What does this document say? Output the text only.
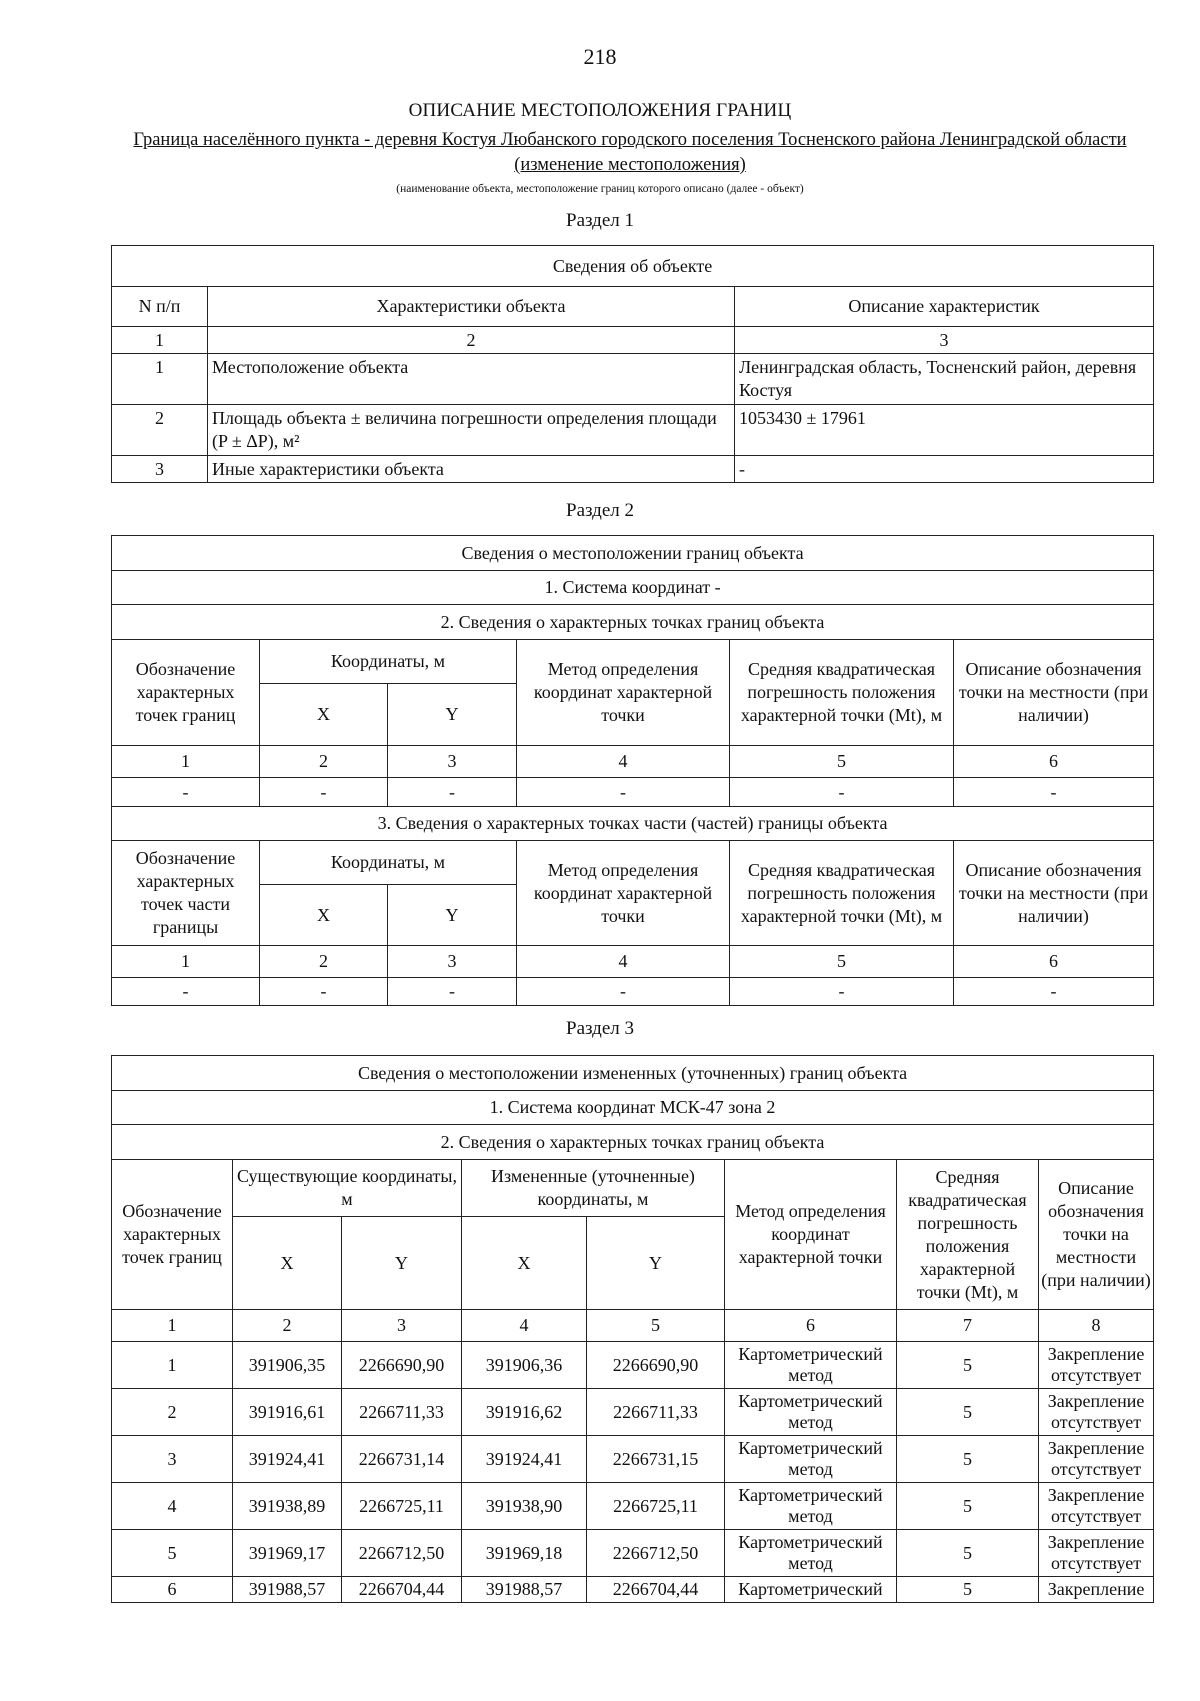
218
ОПИСАНИЕ МЕСТОПОЛОЖЕНИЯ ГРАНИЦ
Граница населённого пункта - деревня Костуя Любанского городского поселения Тосненского района Ленинградской области (изменение местоположения)
(наименование объекта, местоположение границ которого описано (далее - объект)
Раздел 1
Сведения об объекте		
N п/п	Характеристики объекта	Описание характеристик
1	2	3
1	Местоположение объекта	Ленинградская область, Тосненский район, деревня Костуя
2	Площадь объекта ± величина погрешности определения площади (P ± ΔP), м²	1053430 ± 17961
3	Иные характеристики объекта	-
Раздел 2
Сведения о местоположении границ объекта					
1. Система координат -					
2. Сведения о характерных точках границ объекта					
Обозначение характерных точек границ	Координаты, м		Метод определения координат характерной точки	Средняя квадратическая погрешность положения характерной точки (Mt), м	Описание обозначения точки на местности (при наличии)
	X	Y			
1	2	3	4	5	6
-	-	-	-	-	-
3. Сведения о характерных точках части (частей) границы объекта					
Обозначение характерных точек части границы	Координаты, м		Метод определения координат характерной точки	Средняя квадратическая погрешность положения характерной точки (Mt), м	Описание обозначения точки на местности (при наличии)
	X	Y			
1	2	3	4	5	6
-	-	-	-	-	-
Раздел 3
Сведения о местоположении измененных (уточненных) границ объекта							
1. Система координат МСК-47 зона 2							
2. Сведения о характерных точках границ объекта							
Обозначение характерных точек границ	Существующие координаты, м		Измененные (уточненные) координаты, м		Метод определения координат характерной точки	Средняя квадратическая погрешность положения характерной точки (Mt), м	Описание обозначения точки на местности (при наличии)
	X	Y	X	Y			
1	2	3	4	5	6	7	8
1	391906,35	2266690,90	391906,36	2266690,90	Картометрический метод	5	Закрепление отсутствует
2	391916,61	2266711,33	391916,62	2266711,33	Картометрический метод	5	Закрепление отсутствует
3	391924,41	2266731,14	391924,41	2266731,15	Картометрический метод	5	Закрепление отсутствует
4	391938,89	2266725,11	391938,90	2266725,11	Картометрический метод	5	Закрепление отсутствует
5	391969,17	2266712,50	391969,18	2266712,50	Картометрический метод	5	Закрепление отсутствует
6	391988,57	2266704,44	391988,57	2266704,44	Картометрический	5	Закрепление
